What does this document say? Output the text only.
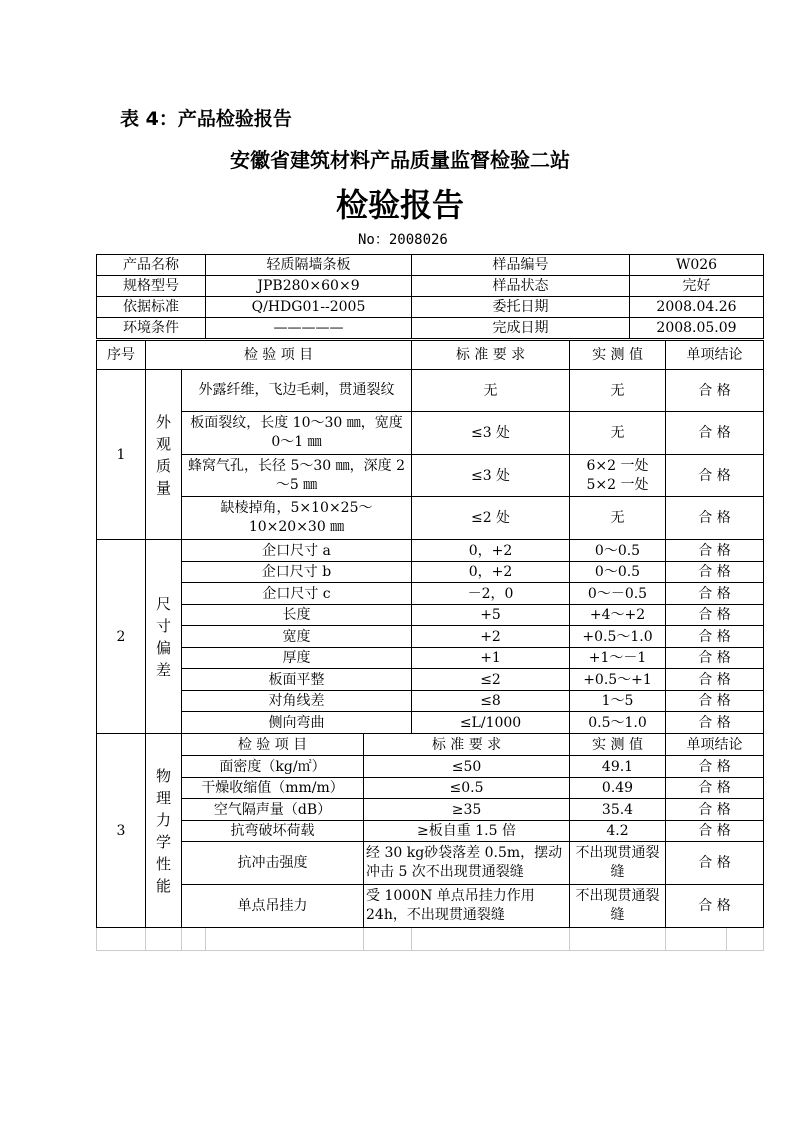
表 4：产品检验报告
安徽省建筑材料产品质量监督检验二站
检验报告
No：2008026
产品名称	轻质隔墙条板	样品编号	W026
规格型号	JPB280×60×9	样品状态	完好
依据标准	Q/HDG01--2005	委托日期	2008.04.26
环境条件	—————	完成日期	2008.05.09
序号	检 验 项 目		标 准 要 求	实 测 值	单项结论
1	外观质量	外露纤维，飞边毛刺，贯通裂纹	无	无	合 格
		板面裂纹，长度 10～30 ㎜，宽度 0～1 ㎜	≤3 处	无	合 格
		蜂窝气孔，长径 5～30 ㎜，深度 2～5 ㎜	≤3 处	6×2 一处 5×2 一处	合 格
		缺棱掉角，5×10×25～10×20×30 ㎜	≤2 处	无	合 格
2	尺寸偏差	企口尺寸 a	0，+2	0～0.5	合 格
		企口尺寸 b	0，+2	0～0.5	合 格
		企口尺寸 c	－2，0	0～－0.5	合 格
		长度	+5	+4～+2	合 格
		宽度	+2	+0.5～1.0	合 格
		厚度	+1	+1～－1	合 格
		板面平整	≤2	+0.5～+1	合 格
		对角线差	≤8	1～5	合 格
		侧向弯曲	≤L/1000	0.5～1.0	合 格
3	物理力学性能	检 验 项 目	标 准 要 求	实 测 值	单项结论
		面密度（kg/㎡）	≤50	49.1	合 格
		干燥收缩值（mm/m）	≤0.5	0.49	合 格
		空气隔声量（dB）	≥35	35.4	合 格
		抗弯破坏荷载	≥板自重 1.5 倍	4.2	合 格
		抗冲击强度	经 30 kg砂袋落差 0.5m，摆动冲击 5 次不出现贯通裂缝	不出现贯通裂缝	合 格
		单点吊挂力	受 1000N 单点吊挂力作用 24h，不出现贯通裂缝	不出现贯通裂缝	合 格
